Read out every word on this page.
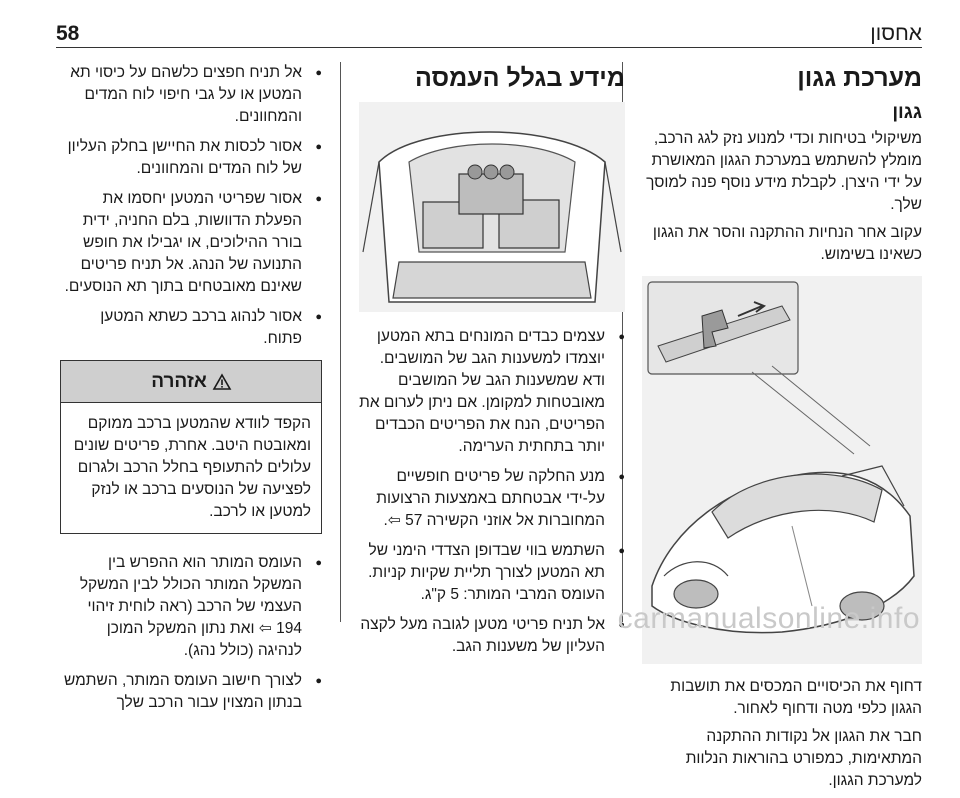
אחסון
58
מערכת גגון
גגון

משיקולי בטיחות וכדי למנוע נזק לגג הרכב, מומלץ להשתמש במערכת הגגון המאושרת על ידי היצרן. לקבלת מידע נוסף פנה למוסך שלך.

עקוב אחר הנחיות ההתקנה והסר את הגגון כשאינו בשימוש.

דחוף את הכיסויים המכסים את תושבות הגגון כלפי מטה ודחוף לאחור.

חבר את הגגון אל נקודות ההתקנה המתאימות, כמפורט בהוראות הנלוות למערכת הגגון.

מידע בגלל העמסה
● עצמים כבדים המונחים בתא המטען יוצמדו למשענות הגב של המושבים. ודא שמשענות הגב של המושבים מאובטחות למקומן. אם ניתן לערום את הפריטים, הנח את הפריטים הכבדים יותר בתחתית הערימה.
● מנע החלקה של פריטים חופשיים על-ידי אבטחתם באמצעות הרצועות המחוברות אל אוזני הקשירה 57 ⇦.
● השתמש בווי שבדופן הצדדי הימני של תא המטען לצורך תליית שקיות קניות. העומס המרבי המותר: 5 ק"ג.
● אל תניח פריטי מטען לגובה מעל לקצה העליון של משענות הגב.
● אל תניח חפצים כלשהם על כיסוי תא המטען או על גבי חיפוי לוח המדים והמחוונים.
● אסור לכסות את החיישן בחלק העליון של לוח המדים והמחוונים.
● אסור שפריטי המטען יחסמו את הפעלת הדוושות, בלם החניה, ידית בורר ההילוכים, או יגבילו את חופש התנועה של הנהג. אל תניח פריטים שאינם מאובטחים בתוך תא הנוסעים.
● אסור לנהוג ברכב כשתא המטען פתוח.
אזהרה
הקפד לוודא שהמטען ברכב ממוקם ומאובטח היטב. אחרת, פריטים שונים עלולים להתעופף בחלל הרכב ולגרום לפציעה של הנוסעים ברכב או לנזק למטען או לרכב.
● העומס המותר הוא ההפרש בין המשקל המותר הכולל לבין המשקל העצמי של הרכב (ראה לוחית זיהוי 194 ⇦ ואת נתון המשקל המוכן לנהיגה (כולל נהג).
● לצורך חישוב העומס המותר, השתמש בנתון המצוין עבור הרכב שלך
carmanualsonline.info
